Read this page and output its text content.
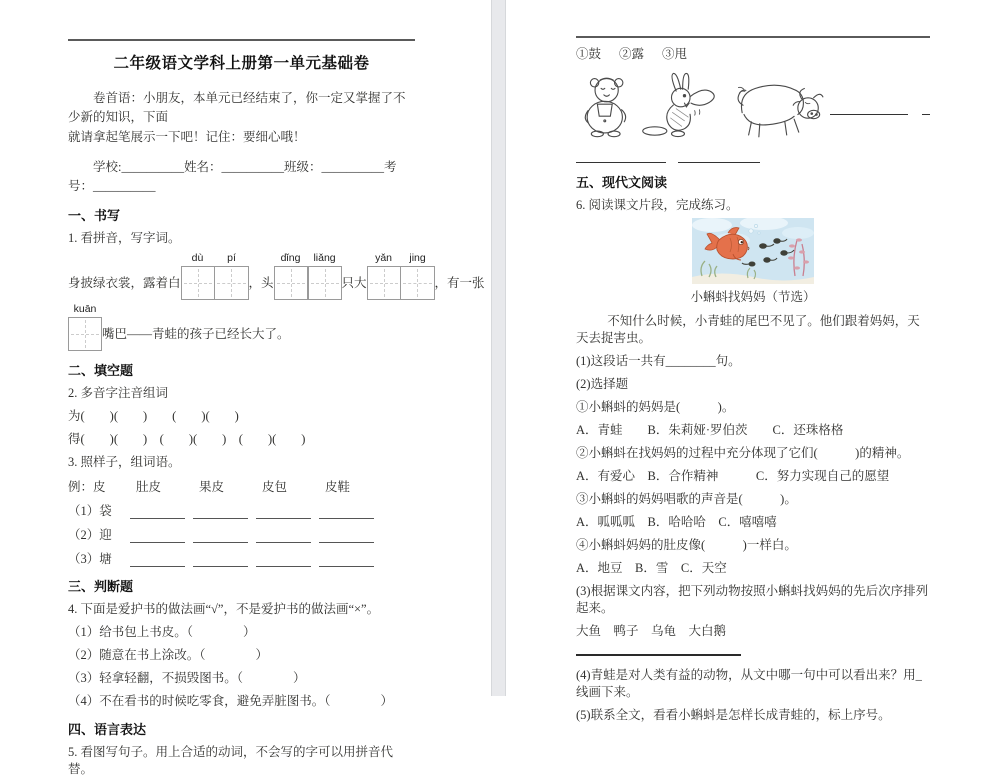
二年级语文学科上册第一单元基础卷

卷首语：小朋友，本单元已经结束了，你一定又掌握了不少新的知识，下面

就请拿起笔展示一下吧！记住：要细心哦！

学校:__________姓名：__________班级：__________考号：__________

一、书写

1. 看拼音，写字词。

身披绿衣裳，露着白
dù	pí
，头
dǐng	liǎng
只大
yǎn	jing
，有一张
kuān
嘴巴——青蛙的孩子已经长大了。
二、填空题

2. 多音字注音组词

为(　　)(　　)　　(　　)(　　)

得(　　)(　　)　(　　)(　　)　(　　)(　　)

3. 照样子，组词语。

例：皮	肚皮	果皮	皮包	皮鞋
（1）袋
（2）迎
（3）塘
三、判断题

4. 下面是爱护书的做法画“√”，不是爱护书的做法画“×”。

（1）给书包上书皮。（　　　　）

（2）随意在书上涂改。（　　　　）

（3）轻拿轻翻，不损毁图书。（　　　　）

（4）不在看书的时候吃零食，避免弄脏图书。（　　　　）

四、语言表达

5. 看图写句子。用上合适的动词，不会写的字可以用拼音代替。

①鼓 ②露 ③甩
五、现代文阅读

6. 阅读课文片段，完成练习。

小蝌蚪找妈妈（节选）

不知什么时候，小青蛙的尾巴不见了。他们跟着妈妈，天天去捉害虫。

(1)这段话一共有________句。

(2)选择题

①小蝌蚪的妈妈是(　　　)。

A．青蛙　　B．朱莉娅·罗伯茨　　C．还珠格格

②小蝌蚪在找妈妈的过程中充分体现了它们(　　　)的精神。

A．有爱心　B．合作精神　　　C．努力实现自己的愿望

③小蝌蚪的妈妈唱歌的声音是(　　　)。

A．呱呱呱　B．哈哈哈　C．嘻嘻嘻

④小蝌蚪妈妈的肚皮像(　　　)一样白。

A．地豆　B．雪　C．天空

(3)根据课文内容，把下列动物按照小蝌蚪找妈妈的先后次序排列起来。

大鱼　鸭子　乌龟　大白鹅

(4)青蛙是对人类有益的动物，从文中哪一句中可以看出来？用_线画下来。

(5)联系全文，看看小蝌蚪是怎样长成青蛙的，标上序号。
